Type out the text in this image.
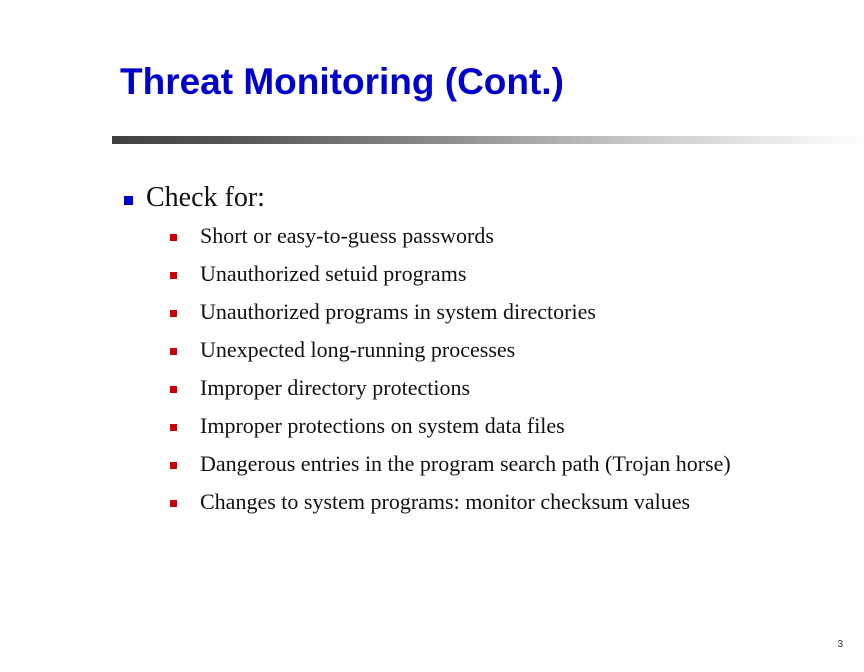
Threat Monitoring (Cont.)
Check for:
Short or easy-to-guess passwords
Unauthorized setuid programs
Unauthorized programs in system directories
Unexpected long-running processes
Improper directory protections
Improper protections on system data files
Dangerous entries in the program search path (Trojan horse)
Changes to system programs: monitor checksum values
3
